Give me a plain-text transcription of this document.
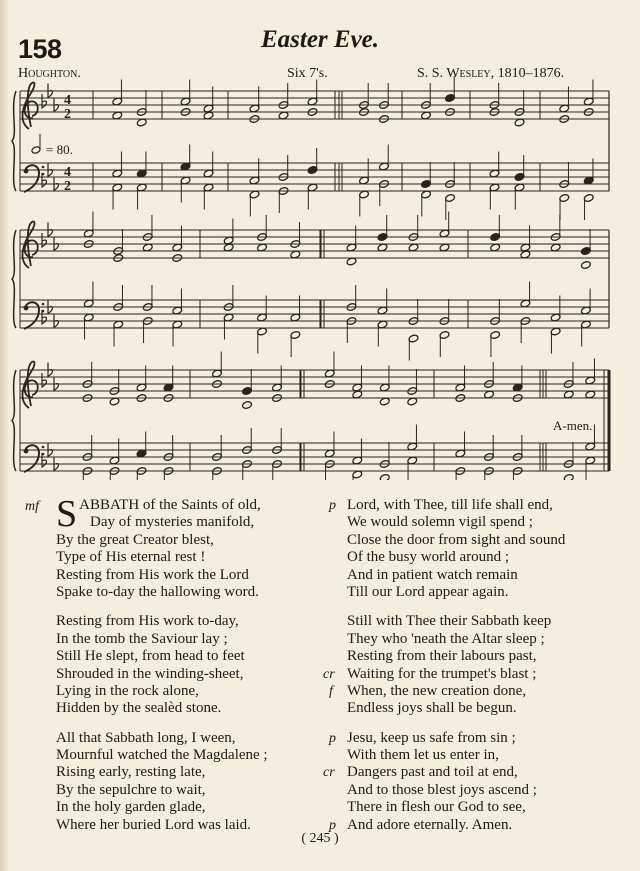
158	Easter Eve.
Houghton.	Six 7's.	S. S. Wesley, 1810–1876.
4
2
4
2
= 80.
A-men.
SABBATH of the Saints of old,
Day of mysteries manifold,
By the great Creator blest,
Type of His eternal rest !
Resting from His work the Lord
Spake to-day the hallowing word.
Resting from His work to-day,
In the tomb the Saviour lay ;
Still He slept, from head to feet
Shrouded in the winding-sheet,
Lying in the rock alone,
Hidden by the sealèd stone.
All that Sabbath long, I ween,
Mournful watched the Magdalene ;
Rising early, resting late,
By the sepulchre to wait,
In the holy garden glade,
Where her buried Lord was laid.
mf	Lord, with Thee, till life shall end,
p
We would solemn vigil spend ;
Close the door from sight and sound
Of the busy world around ;
And in patient watch remain
Till our Lord appear again.
Still with Thee their Sabbath keep
They who 'neath the Altar sleep ;
Resting from their labours past,
Waiting for the trumpet's blast ;
cr
When, the new creation done,
f
Endless joys shall be begun.
Jesu, keep us safe from sin ;
p
With them let us enter in,
Dangers past and toil at end,
cr
And to those blest joys ascend ;
There in flesh our God to see,
And adore eternally. Amen.
p
( 245 )
